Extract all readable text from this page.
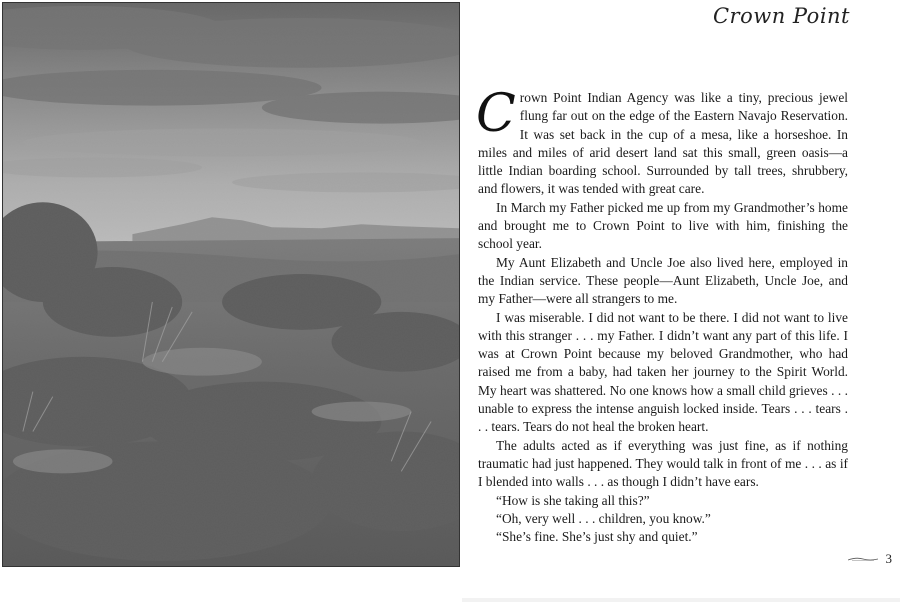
Crown Point

Crown Point Indian Agency was like a tiny, precious jewel flung far out on the edge of the Eastern Navajo Reservation. It was set back in the cup of a mesa, like a horseshoe. In miles and miles of arid desert land sat this small, green oasis—a little Indian boarding school. Surrounded by tall trees, shrubbery, and flowers, it was tended with great care.

In March my Father picked me up from my Grandmother’s home and brought me to Crown Point to live with him, finishing the school year.

My Aunt Elizabeth and Uncle Joe also lived here, employed in the Indian service. These people—Aunt Elizabeth, Uncle Joe, and my Father—were all strangers to me.

I was miserable. I did not want to be there. I did not want to live with this stranger . . . my Father. I didn’t want any part of this life. I was at Crown Point because my beloved Grandmother, who had raised me from a baby, had taken her journey to the Spirit World. My heart was shattered. No one knows how a small child grieves . . . unable to express the intense anguish locked inside. Tears . . . tears . . . tears. Tears do not heal the broken heart.

The adults acted as if everything was just fine, as if nothing traumatic had just happened. They would talk in front of me . . . as if I blended into walls . . . as though I didn’t have ears.

“How is she taking all this?”

“Oh, very well . . . children, you know.”

“She’s fine. She’s just shy and quiet.”

3
